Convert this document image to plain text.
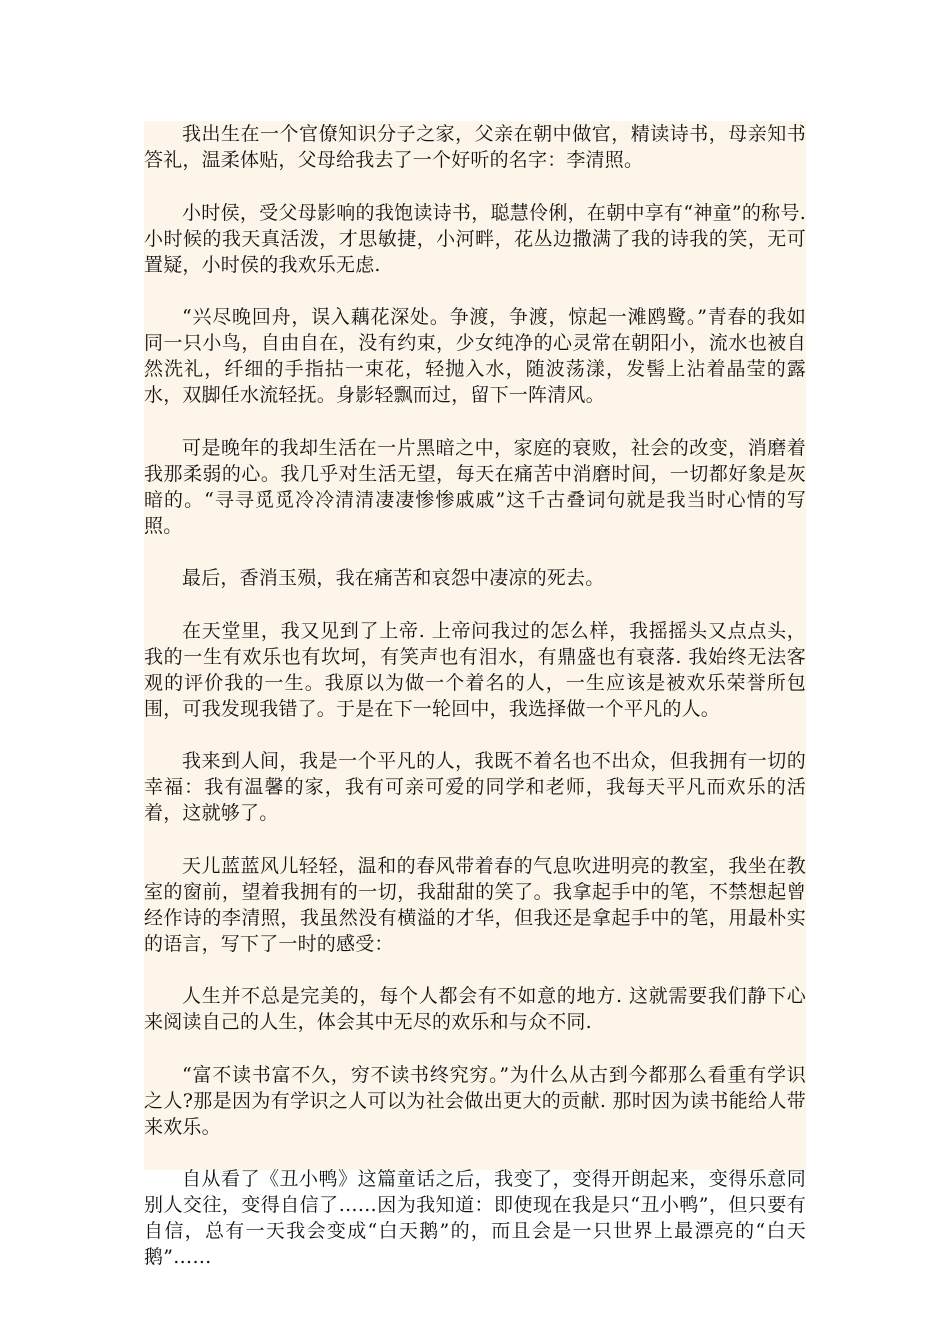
我出生在一个官僚知识分子之家，父亲在朝中做官，精读诗书，母亲知书答礼，温柔体贴，父母给我去了一个好听的名字：李清照。

小时侯，受父母影响的我饱读诗书，聪慧伶俐，在朝中享有“神童”的称号. 小时候的我天真活泼，才思敏捷，小河畔，花丛边撒满了我的诗我的笑，无可置疑，小时侯的我欢乐无虑.

“兴尽晚回舟，误入藕花深处。争渡，争渡，惊起一滩鸥鹭。”青春的我如同一只小鸟，自由自在，没有约束，少女纯净的心灵常在朝阳小，流水也被自然洗礼，纤细的手指拈一束花，轻抛入水，随波荡漾，发髻上沾着晶莹的露水，双脚任水流轻抚。身影轻飘而过，留下一阵清风。

可是晚年的我却生活在一片黑暗之中，家庭的衰败，社会的改变，消磨着我那柔弱的心。我几乎对生活无望，每天在痛苦中消磨时间，一切都好象是灰暗的。“寻寻觅觅冷冷清清凄凄惨惨戚戚”这千古叠词句就是我当时心情的写照。

最后，香消玉殒，我在痛苦和哀怨中凄凉的死去。

在天堂里，我又见到了上帝. 上帝问我过的怎么样，我摇摇头又点点头，我的一生有欢乐也有坎坷，有笑声也有泪水，有鼎盛也有衰落. 我始终无法客观的评价我的一生。我原以为做一个着名的人，一生应该是被欢乐荣誉所包围，可我发现我错了。于是在下一轮回中，我选择做一个平凡的人。

我来到人间，我是一个平凡的人，我既不着名也不出众，但我拥有一切的幸福：我有温馨的家，我有可亲可爱的同学和老师，我每天平凡而欢乐的活着，这就够了。

天儿蓝蓝风儿轻轻，温和的春风带着春的气息吹进明亮的教室，我坐在教室的窗前，望着我拥有的一切，我甜甜的笑了。我拿起手中的笔，不禁想起曾经作诗的李清照，我虽然没有横溢的才华，但我还是拿起手中的笔，用最朴实的语言，写下了一时的感受：

人生并不总是完美的，每个人都会有不如意的地方. 这就需要我们静下心来阅读自己的人生，体会其中无尽的欢乐和与众不同.

“富不读书富不久，穷不读书终究穷。”为什么从古到今都那么看重有学识之人?那是因为有学识之人可以为社会做出更大的贡献. 那时因为读书能给人带来欢乐。

自从看了《丑小鸭》这篇童话之后，我变了，变得开朗起来，变得乐意同别人交往，变得自信了……因为我知道：即使现在我是只“丑小鸭”，但只要有自信，总有一天我会变成“白天鹅”的，而且会是一只世界上最漂亮的“白天鹅”……
